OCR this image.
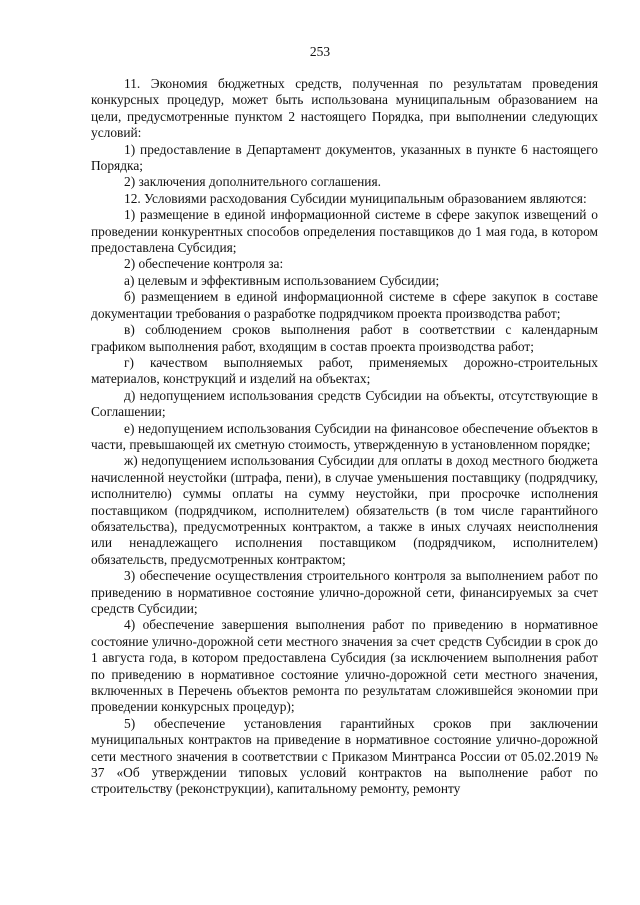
253

11. Экономия бюджетных средств, полученная по результатам проведения конкурсных процедур, может быть использована муниципальным образованием на цели, предусмотренные пунктом 2 настоящего Порядка, при выполнении следующих условий:

1) предоставление в Департамент документов, указанных в пункте 6 настоящего Порядка;

2) заключения дополнительного соглашения.

12. Условиями расходования Субсидии муниципальным образованием являются:

1) размещение в единой информационной системе в сфере закупок извещений о проведении конкурентных способов определения поставщиков до 1 мая года, в котором предоставлена Субсидия;

2) обеспечение контроля за:

а) целевым и эффективным использованием Субсидии;

б) размещением в единой информационной системе в сфере закупок в составе документации требования о разработке подрядчиком проекта производства работ;

в) соблюдением сроков выполнения работ в соответствии с календарным графиком выполнения работ, входящим в состав проекта производства работ;

г) качеством выполняемых работ, применяемых дорожно-строительных материалов, конструкций и изделий на объектах;

д) недопущением использования средств Субсидии на объекты, отсутствующие в Соглашении;

е) недопущением использования Субсидии на финансовое обеспечение объектов в части, превышающей их сметную стоимость, утвержденную в установленном порядке;

ж) недопущением использования Субсидии для оплаты в доход местного бюджета начисленной неустойки (штрафа, пени), в случае уменьшения поставщику (подрядчику, исполнителю) суммы оплаты на сумму неустойки, при просрочке исполнения поставщиком (подрядчиком, исполнителем) обязательств (в том числе гарантийного обязательства), предусмотренных контрактом, а также в иных случаях неисполнения или ненадлежащего исполнения поставщиком (подрядчиком, исполнителем) обязательств, предусмотренных контрактом;

3) обеспечение осуществления строительного контроля за выполнением работ по приведению в нормативное состояние улично-дорожной сети, финансируемых за счет средств Субсидии;

4) обеспечение завершения выполнения работ по приведению в нормативное состояние улично-дорожной сети местного значения за счет средств Субсидии в срок до 1 августа года, в котором предоставлена Субсидия (за исключением выполнения работ по приведению в нормативное состояние улично-дорожной сети местного значения, включенных в Перечень объектов ремонта по результатам сложившейся экономии при проведении конкурсных процедур);

5) обеспечение установления гарантийных сроков при заключении муниципальных контрактов на приведение в нормативное состояние улично-дорожной сети местного значения в соответствии с Приказом Минтранса России от 05.02.2019 № 37 «Об утверждении типовых условий контрактов на выполнение работ по строительству (реконструкции), капитальному ремонту, ремонту
